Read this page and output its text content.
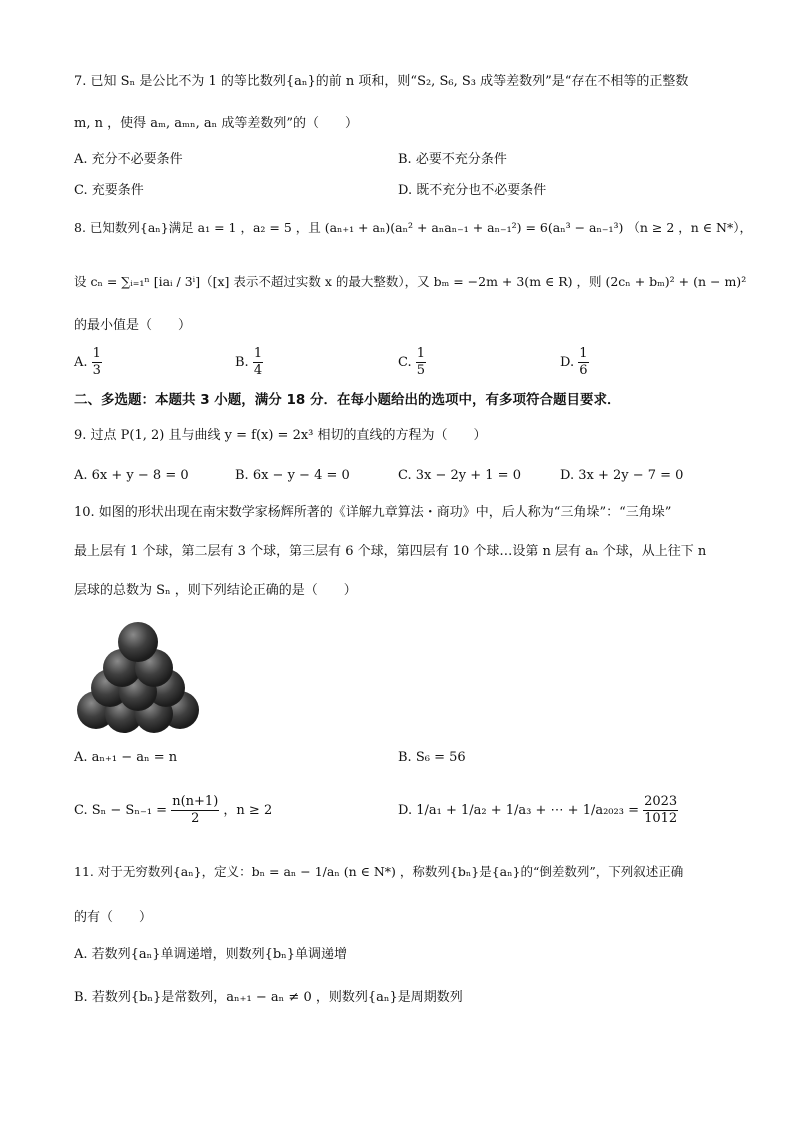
7. 已知 Sₙ 是公比不为 1 的等比数列{aₙ}的前 n 项和，则“S₂, S₆, S₃ 成等差数列”是“存在不相等的正整数
m, n ，使得 aₘ, aₘₙ, aₙ 成等差数列”的（　　）
A. 充分不必要条件	B. 必要不充分条件
C. 充要条件	D. 既不充分也不必要条件
8. 已知数列{aₙ}满足 a₁ = 1 ，a₂ = 5 ，且 (aₙ₊₁ + aₙ)(aₙ² + aₙaₙ₋₁ + aₙ₋₁²) = 6(aₙ³ − aₙ₋₁³) （n ≥ 2 ，n ∈ N*），
设 cₙ = ∑ᵢ₌₁ⁿ [iaᵢ / 3ⁱ]（[x] 表示不超过实数 x 的最大整数），又 bₘ = −2m + 3(m ∈ R) ，则 (2cₙ + bₘ)² + (n − m)²
的最小值是（　　）
A. $\frac{1}{3}$	B. $\frac{1}{4}$	C. $\frac{1}{5}$	D. $\frac{1}{6}$
二、多选题：本题共 3 小题，满分 18 分．在每小题给出的选项中，有多项符合题目要求．
9. 过点 P(1, 2) 且与曲线 y = f(x) = 2x³ 相切的直线的方程为（　　）
A. 6x + y − 8 = 0	B. 6x − y − 4 = 0	C. 3x − 2y + 1 = 0	D. 3x + 2y − 7 = 0
10. 如图的形状出现在南宋数学家杨辉所著的《详解九章算法・商功》中，后人称为“三角垛”：“三角垛”
最上层有 1 个球，第二层有 3 个球，第三层有 6 个球，第四层有 10 个球…设第 n 层有 aₙ 个球，从上往下 n
层球的总数为 Sₙ ，则下列结论正确的是（　　）
A. aₙ₊₁ − aₙ = n	B. S₆ = 56
C. $S_n - S_{n-1} = \frac{n(n+1)}{2}$ ，n ≥ 2	D. 1/a₁ + 1/a₂ + 1/a₃ + ⋯ + $1/a_{2023} = \frac{2023}{1012}$
11. 对于无穷数列{aₙ}，定义：bₙ = aₙ − 1/aₙ (n ∈ N*) ，称数列{bₙ}是{aₙ}的“倒差数列”，下列叙述正确
的有（　　）
A. 若数列{aₙ}单调递增，则数列{bₙ}单调递增
B. 若数列{bₙ}是常数列，aₙ₊₁ − aₙ ≠ 0 ，则数列{aₙ}是周期数列
